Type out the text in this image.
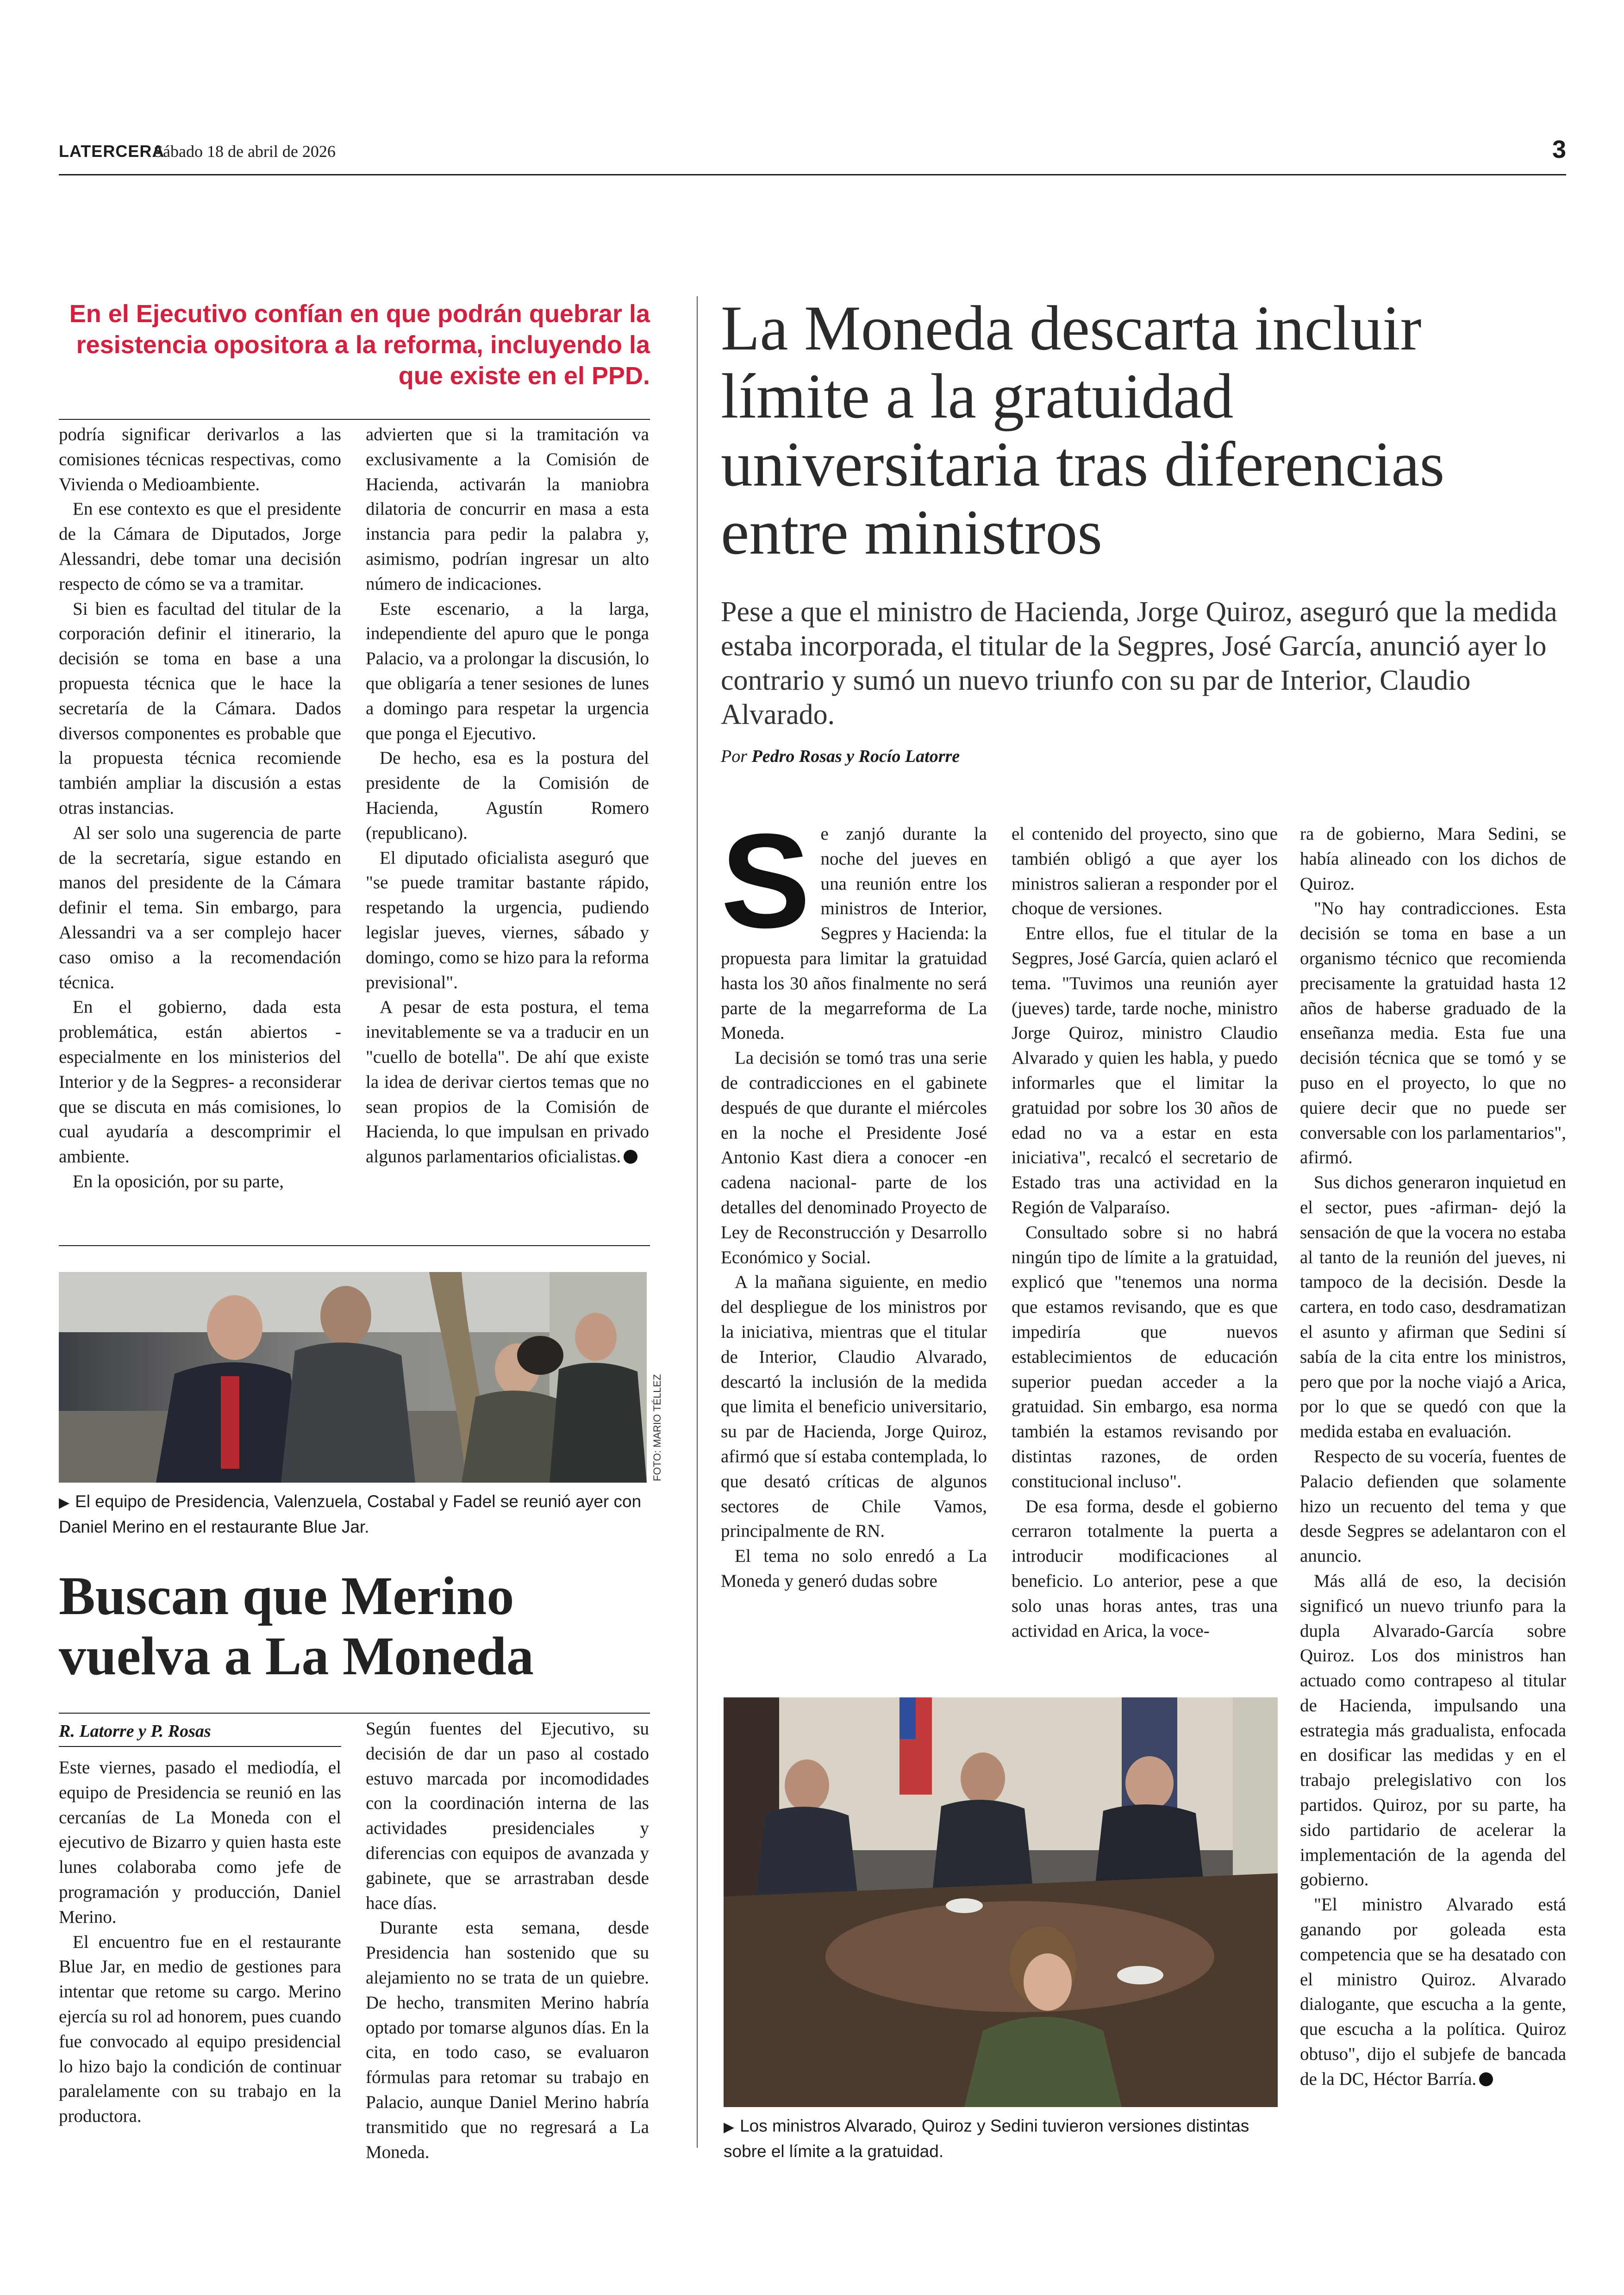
LATERCERA
Sábado 18 de abril de 2026	3
En el Ejecutivo confían en que podrán quebrar la resistencia opositora a la reforma, incluyendo la que existe en el PPD.

podría significar derivarlos a las comisiones técnicas respectivas, como Vivienda o Medioambiente.

En ese contexto es que el presidente de la Cámara de Diputados, Jorge Alessandri, debe tomar una decisión respecto de cómo se va a tramitar.

Si bien es facultad del titular de la corporación definir el itinerario, la decisión se toma en base a una propuesta técnica que le hace la secretaría de la Cámara. Dados diversos componentes es probable que la propuesta técnica recomiende también ampliar la discusión a estas otras instancias.

Al ser solo una sugerencia de parte de la secretaría, sigue estando en manos del presidente de la Cámara definir el tema. Sin embargo, para Alessandri va a ser complejo hacer caso omiso a la recomendación técnica.

En el gobierno, dada esta problemática, están abiertos -especialmente en los ministerios del Interior y de la Segpres- a reconsiderar que se discuta en más comisiones, lo cual ayudaría a descomprimir el ambiente.

En la oposición, por su parte,

advierten que si la tramitación va exclusivamente a la Comisión de Hacienda, activarán la maniobra dilatoria de concurrir en masa a esta instancia para pedir la palabra y, asimismo, podrían ingresar un alto número de indicaciones.

Este escenario, a la larga, independiente del apuro que le ponga Palacio, va a prolongar la discusión, lo que obligaría a tener sesiones de lunes a domingo para respetar la urgencia que ponga el Ejecutivo.

De hecho, esa es la postura del presidente de la Comisión de Hacienda, Agustín Romero (republicano).

El diputado oficialista aseguró que "se puede tramitar bastante rápido, respetando la urgencia, pudiendo legislar jueves, viernes, sábado y domingo, como se hizo para la reforma previsional".

A pesar de esta postura, el tema inevitablemente se va a traducir en un "cuello de botella". De ahí que existe la idea de derivar ciertos temas que no sean propios de la Comisión de Hacienda, lo que impulsan en privado algunos parlamentarios oficialistas.

FOTO: MARIO TÉLLEZ
▶ El equipo de Presidencia, Valenzuela, Costabal y Fadel se reunió ayer con Daniel Merino en el restaurante Blue Jar.
Buscan que Merino vuelva a La Moneda
R. Latorre y P. Rosas

Este viernes, pasado el mediodía, el equipo de Presidencia se reunió en las cercanías de La Moneda con el ejecutivo de Bizarro y quien hasta este lunes colaboraba como jefe de programación y producción, Daniel Merino.

El encuentro fue en el restaurante Blue Jar, en medio de gestiones para intentar que retome su cargo. Merino ejercía su rol ad honorem, pues cuando fue convocado al equipo presidencial lo hizo bajo la condición de continuar paralelamente con su trabajo en la productora.

Según fuentes del Ejecutivo, su decisión de dar un paso al costado estuvo marcada por incomodidades con la coordinación interna de las actividades presidenciales y diferencias con equipos de avanzada y gabinete, que se arrastraban desde hace días.

Durante esta semana, desde Presidencia han sostenido que su alejamiento no se trata de un quiebre. De hecho, transmiten Merino habría optado por tomarse algunos días. En la cita, en todo caso, se evaluaron fórmulas para retomar su trabajo en Palacio, aunque Daniel Merino habría transmitido que no regresará a La Moneda.

La Moneda descarta incluir límite a la gratuidad universitaria tras diferencias entre ministros
Pese a que el ministro de Hacienda, Jorge Quiroz, aseguró que la medida estaba incorporada, el titular de la Segpres, José García, anunció ayer lo contrario y sumó un nuevo triunfo con su par de Interior, Claudio Alvarado.
Por Pedro Rosas y Rocío Latorre

Se zanjó durante la noche del jueves en una reunión entre los ministros de Interior, Segpres y Hacienda: la propuesta para limitar la gratuidad hasta los 30 años finalmente no será parte de la megarreforma de La Moneda.

La decisión se tomó tras una serie de contradicciones en el gabinete después de que durante el miércoles en la noche el Presidente José Antonio Kast diera a conocer -en cadena nacional- parte de los detalles del denominado Proyecto de Ley de Reconstrucción y Desarrollo Económico y Social.

A la mañana siguiente, en medio del despliegue de los ministros por la iniciativa, mientras que el titular de Interior, Claudio Alvarado, descartó la inclusión de la medida que limita el beneficio universitario, su par de Hacienda, Jorge Quiroz, afirmó que sí estaba contemplada, lo que desató críticas de algunos sectores de Chile Vamos, principalmente de RN.

El tema no solo enredó a La Moneda y generó dudas sobre

el contenido del proyecto, sino que también obligó a que ayer los ministros salieran a responder por el choque de versiones.

Entre ellos, fue el titular de la Segpres, José García, quien aclaró el tema. "Tuvimos una reunión ayer (jueves) tarde, tarde noche, ministro Jorge Quiroz, ministro Claudio Alvarado y quien les habla, y puedo informarles que el limitar la gratuidad por sobre los 30 años de edad no va a estar en esta iniciativa", recalcó el secretario de Estado tras una actividad en la Región de Valparaíso.

Consultado sobre si no habrá ningún tipo de límite a la gratuidad, explicó que "tenemos una norma que estamos revisando, que es que impediría que nuevos establecimientos de educación superior puedan acceder a la gratuidad. Sin embargo, esa norma también la estamos revisando por distintas razones, de orden constitucional incluso".

De esa forma, desde el gobierno cerraron totalmente la puerta a introducir modificaciones al beneficio. Lo anterior, pese a que solo unas horas antes, tras una actividad en Arica, la voce-

ra de gobierno, Mara Sedini, se había alineado con los dichos de Quiroz.

"No hay contradicciones. Esta decisión se toma en base a un organismo técnico que recomienda precisamente la gratuidad hasta 12 años de haberse graduado de la enseñanza media. Esta fue una decisión técnica que se tomó y se puso en el proyecto, lo que no quiere decir que no puede ser conversable con los parlamentarios", afirmó.

Sus dichos generaron inquietud en el sector, pues -afirman- dejó la sensación de que la vocera no estaba al tanto de la reunión del jueves, ni tampoco de la decisión. Desde la cartera, en todo caso, desdramatizan el asunto y afirman que Sedini sí sabía de la cita entre los ministros, pero que por la noche viajó a Arica, por lo que se quedó con que la medida estaba en evaluación.

Respecto de su vocería, fuentes de Palacio defienden que solamente hizo un recuento del tema y que desde Segpres se adelantaron con el anuncio.

Más allá de eso, la decisión significó un nuevo triunfo para la dupla Alvarado-García sobre Quiroz. Los dos ministros han actuado como contrapeso al titular de Hacienda, impulsando una estrategia más gradualista, enfocada en dosificar las medidas y en el trabajo prelegislativo con los partidos. Quiroz, por su parte, ha sido partidario de acelerar la implementación de la agenda del gobierno.

"El ministro Alvarado está ganando por goleada esta competencia que se ha desatado con el ministro Quiroz. Alvarado dialogante, que escucha a la gente, que escucha a la política. Quiroz obtuso", dijo el subjefe de bancada de la DC, Héctor Barría.

▶ Los ministros Alvarado, Quiroz y Sedini tuvieron versiones distintas sobre el límite a la gratuidad.
